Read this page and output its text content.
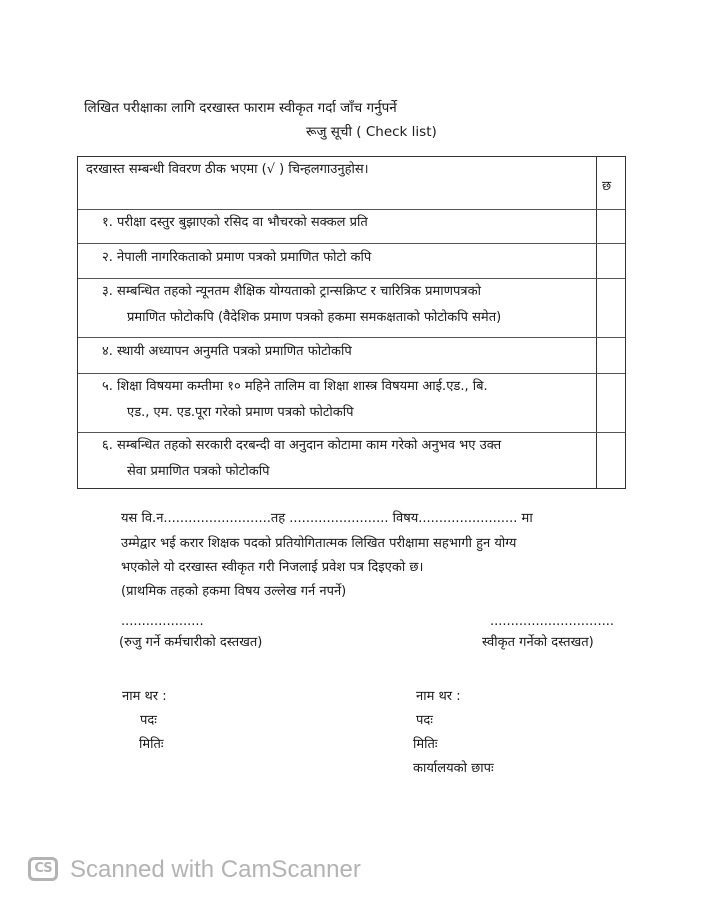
लिखित परीक्षाका लागि दरखास्त फाराम स्वीकृत गर्दा जाँच गर्नुपर्ने
रूजु सूची ( Check list)
दरखास्त सम्बन्धी विवरण ठीक भएमा (√ ) चिन्हलगाउनुहोस।
छ
१. परीक्षा दस्तुर बुझाएको रसिद वा भौचरको सक्कल प्रति
२. नेपाली नागरिकताको प्रमाण पत्रको प्रमाणित फोटो कपि
३. सम्बन्धित तहको न्यूनतम शैक्षिक योग्यताको ट्रान्सक्रिप्ट र चारित्रिक प्रमाणपत्रको
प्रमाणित फोटोकपि (वैदेशिक प्रमाण पत्रको हकमा समकक्षताको फोटोकपि समेत)
४. स्थायी अध्यापन अनुमति पत्रको प्रमाणित फोटोकपि
५. शिक्षा विषयमा कम्तीमा १० महिने तालिम वा शिक्षा शास्त्र विषयमा आई.एड., बि.
एड., एम. एड.पूरा गरेको प्रमाण पत्रको फोटोकपि
६. सम्बन्धित तहको सरकारी दरबन्दी वा अनुदान कोटामा काम गरेको अनुभव भए उक्त
सेवा प्रमाणित पत्रको फोटोकपि
यस वि.न..........................तह ........................ विषय........................ मा
उम्मेद्वार भई करार शिक्षक पदको प्रतियोगितात्मक लिखित परीक्षामा सहभागी हुन योग्य
भएकोले यो दरखास्त स्वीकृत गरी निजलाई प्रवेश पत्र दिइएको छ।
(प्राथमिक तहको हकमा विषय उल्लेख गर्न नपर्ने)
....................
(रुजु गर्ने कर्मचारीको दस्तखत)
..............................
स्वीकृत गर्नेको दस्तखत)
नाम थर :
पदः
मितिः
नाम थर :
पदः
मितिः
कार्यालयको छापः
CS Scanned with CamScanner
